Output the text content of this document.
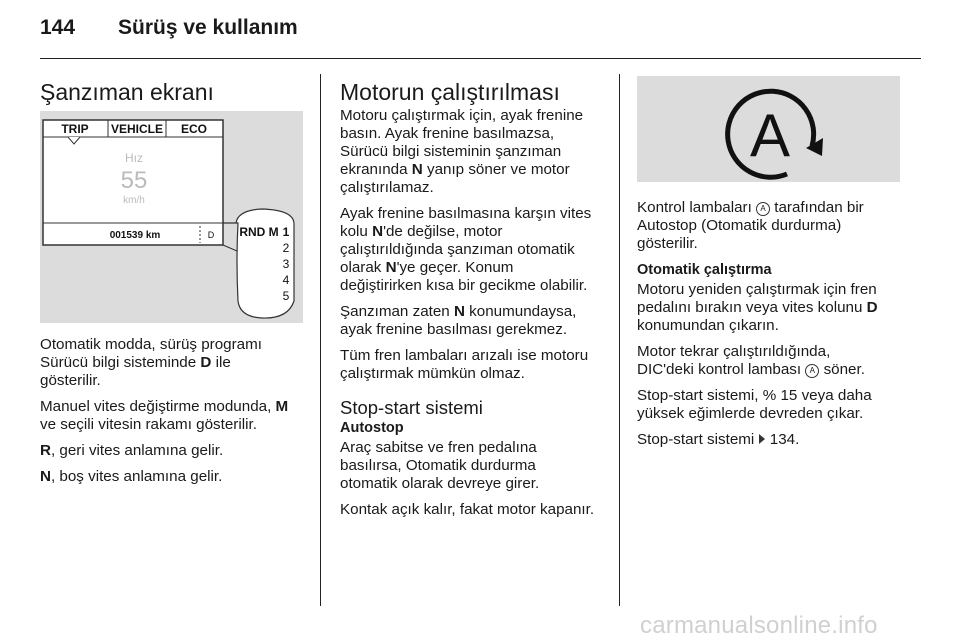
144 Sürüş ve kullanım
Şanzıman ekranı
TRIP VEHICLE ECO
Hız
55
km/h
001539 km	D RND M 1
2
3
4
5

Otomatik modda, sürüş programı
Sürücü bilgi sisteminde D ile
gösterilir.

Manuel vites değiştirme modunda, M
ve seçili vitesin rakamı gösterilir.

R, geri vites anlamına gelir.

N, boş vites anlamına gelir.

Motorun çalıştırılması

Motoru çalıştırmak için, ayak frenine
basın. Ayak frenine basılmazsa,
Sürücü bilgi sisteminin şanzıman
ekranında N yanıp söner ve motor
çalıştırılamaz.

Ayak frenine basılmasına karşın vites
kolu N'de değilse, motor
çalıştırıldığında şanzıman otomatik
olarak N'ye geçer. Konum
değiştirirken kısa bir gecikme olabilir.

Şanzıman zaten N konumundaysa,
ayak frenine basılması gerekmez.

Tüm fren lambaları arızalı ise motoru
çalıştırmak mümkün olmaz.

Stop-start sistemi
Autostop

Araç sabitse ve fren pedalına
basılırsa, Otomatik durdurma
otomatik olarak devreye girer.

Kontak açık kalır, fakat motor kapanır.

A

Kontrol lambaları A tarafından bir
Autostop (Otomatik durdurma)
gösterilir.

Otomatik çalıştırma

Motoru yeniden çalıştırmak için fren
pedalını bırakın veya vites kolunu D
konumundan çıkarın.

Motor tekrar çalıştırıldığında,
DIC'deki kontrol lambası A söner.

Stop-start sistemi, % 15 veya daha
yüksek eğimlerde devreden çıkar.

Stop-start sistemi  134.

carmanualsonline.info
